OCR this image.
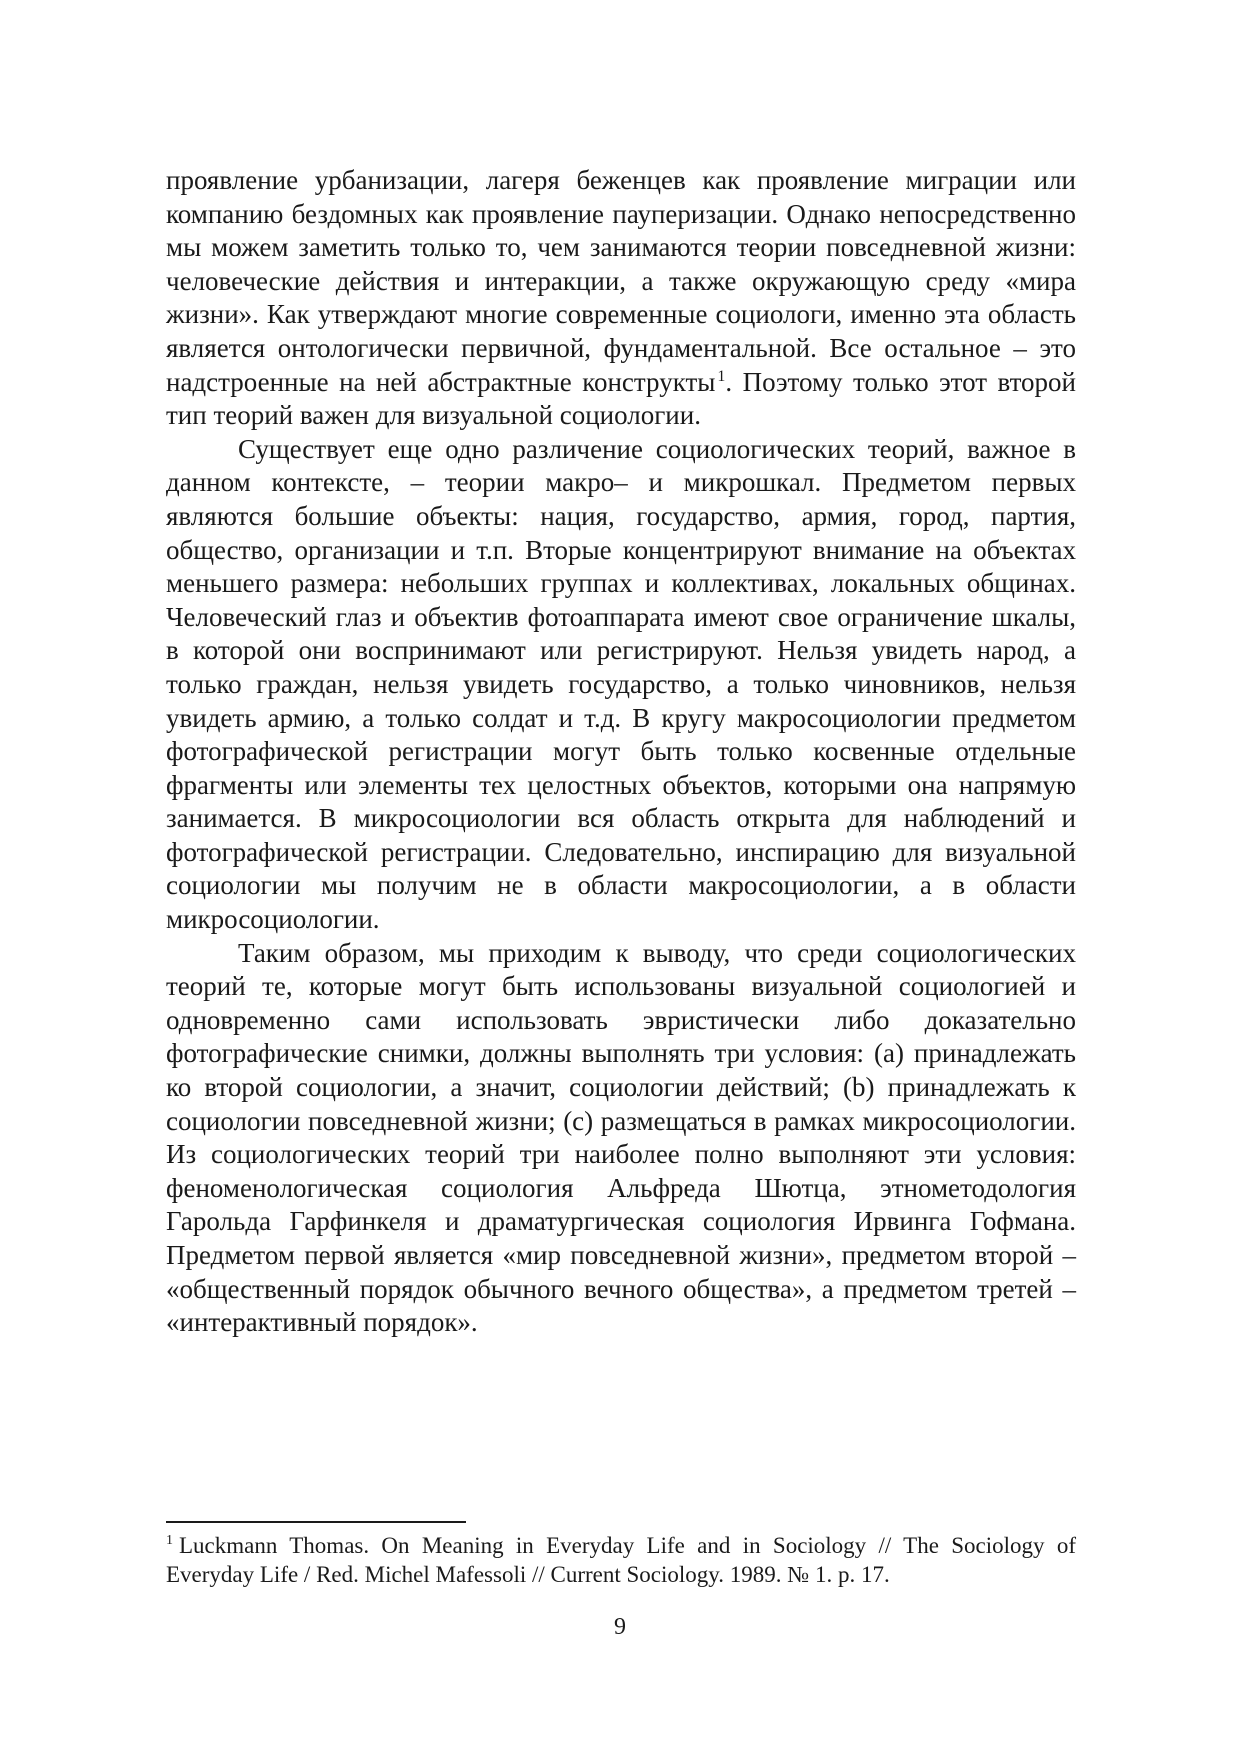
проявление урбанизации, лагеря беженцев как проявление миграции или компанию бездомных как проявление пауперизации. Однако непосредственно мы можем заметить только то, чем занимаются теории повседневной жизни: человеческие действия и интеракции, а также окружающую среду «мира жизни». Как утверждают многие современные социологи, именно эта область является онтологически первичной, фундаментальной. Все остальное – это надстроенные на ней абстрактные конструкты $^1$. Поэтому только этот второй тип теорий важен для визуальной социологии.

Существует еще одно различение социологических теорий, важное в данном контексте, – теории макро– и микрошкал. Предметом первых являются большие объекты: нация, государство, армия, город, партия, общество, организации и т.п. Вторые концентрируют внимание на объектах меньшего размера: небольших группах и коллективах, локальных общинах. Человеческий глаз и объектив фотоаппарата имеют свое ограничение шкалы, в которой они воспринимают или регистрируют. Нельзя увидеть народ, а только граждан, нельзя увидеть государство, а только чиновников, нельзя увидеть армию, а только солдат и т.д. В кругу макросоциологии предметом фотографической регистрации могут быть только косвенные отдельные фрагменты или элементы тех целостных объектов, которыми она напрямую занимается. В микросоциологии вся область открыта для наблюдений и фотографической регистрации. Следовательно, инспирацию для визуальной социологии мы получим не в области макросоциологии, а в области микросоциологии.

Таким образом, мы приходим к выводу, что среди социологических теорий те, которые могут быть использованы визуальной социологией и одновременно сами использовать эвристически либо доказательно фотографические снимки, должны выполнять три условия: (а) принадлежать ко второй социологии, а значит, социологии действий; (b) принадлежать к социологии повседневной жизни; (с) размещаться в рамках микросоциологии. Из социологических теорий три наиболее полно выполняют эти условия: феноменологическая социология Альфреда Шютца, этнометодология Гарольда Гарфинкеля и драматургическая социология Ирвинга Гофмана. Предметом первой является «мир повседневной жизни», предметом второй – «общественный порядок обычного вечного общества», а предметом третей – «интерактивный порядок».

$^1$ Luckmann Thomas. On Meaning in Everyday Life and in Sociology // The Sociology of Everyday Life / Red. Michel Mafessoli // Current Sociology. 1989. № 1. p. 17.
9
